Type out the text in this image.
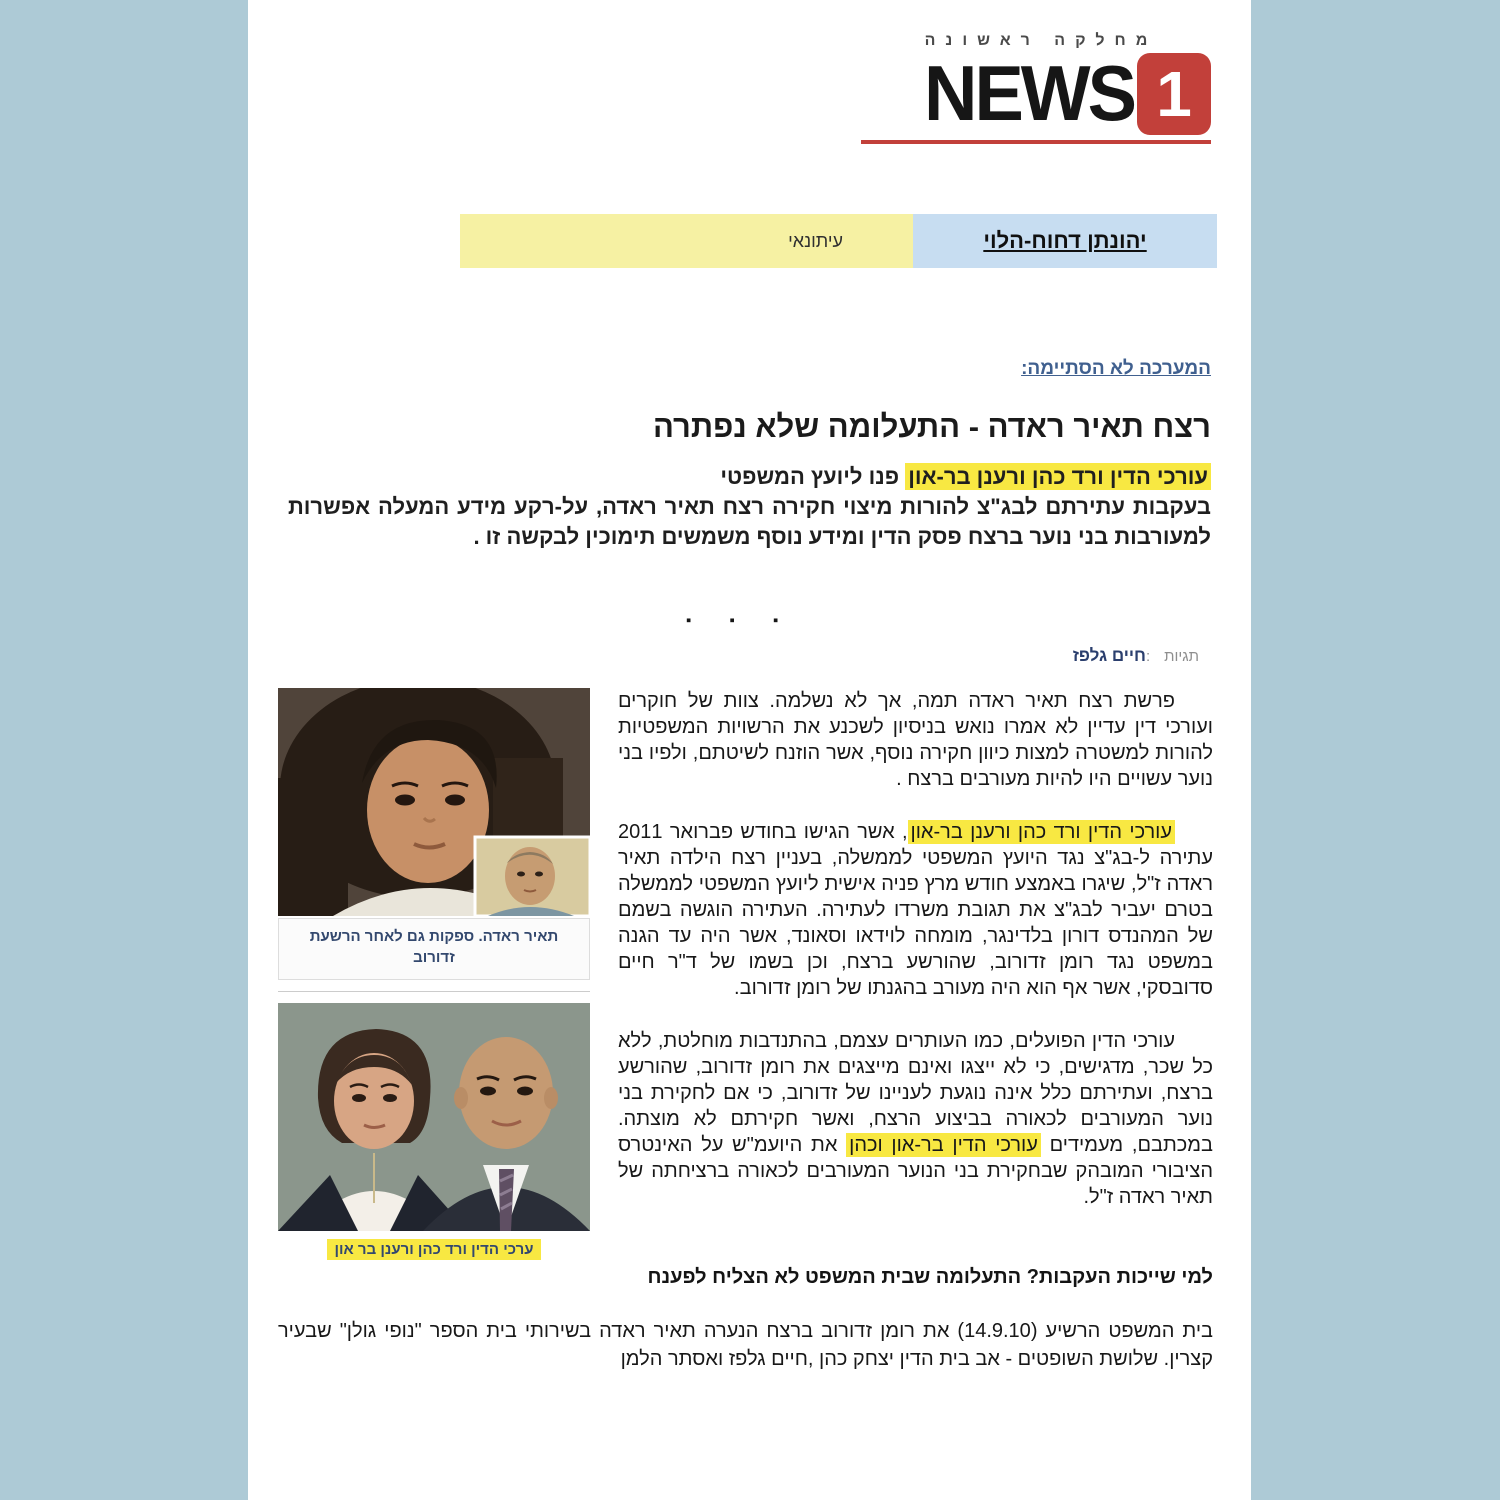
מחלקה ראשונה
NEWS 1
יהונתן דחוח-הלוי
עיתונאי
המערכה לא הסתיימה:
רצח תאיר ראדה - התעלומה שלא נפתרה

עורכי הדין ורד כהן ורענן בר-און פנו ליועץ המשפטי
בעקבות עתירתם לבג"צ להורות מיצוי חקירה רצח תאיר ראדה, על-רקע מידע המעלה אפשרות למעורבות בני נוער ברצח פסק הדין ומידע נוסף משמשים תימוכין לבקשה זו .

▪ ▪ ▪
תגיות:חיים גלפז
תאיר ראדה. ספקות גם לאחר הרשעת זדורוב
ערכי הדין ורד כהן ורענן בר און

פרשת רצח תאיר ראדה תמה, אך לא נשלמה. צוות של חוקרים ועורכי דין עדיין לא אמרו נואש בניסיון לשכנע את הרשויות המשפטיות להורות למשטרה למצות כיוון חקירה נוסף, אשר הוזנח לשיטתם, ולפיו בני נוער עשויים היו להיות מעורבים ברצח .

עורכי הדין ורד כהן ורענן בר-און, אשר הגישו בחודש פברואר 2011 עתירה ל-בג"צ נגד היועץ המשפטי לממשלה, בעניין רצח הילדה תאיר ראדה ז"ל, שיגרו באמצע חודש מרץ פניה אישית ליועץ המשפטי לממשלה בטרם יעביר לבג"צ את תגובת משרדו לעתירה. העתירה הוגשה בשמם של המהנדס דורון בלדינגר, מומחה לוידאו וסאונד, אשר היה עד הגנה במשפט נגד רומן זדורוב, שהורשע ברצח, וכן בשמו של ד"ר חיים סדובסקי, אשר אף הוא היה מעורב בהגנתו של רומן זדורוב.

עורכי הדין הפועלים, כמו העותרים עצמם, בהתנדבות מוחלטת, ללא כל שכר, מדגישים, כי לא ייצגו ואינם מייצגים את רומן זדורוב, שהורשע ברצח, ועתירתם כלל אינה נוגעת לעניינו של זדורוב, כי אם לחקירת בני נוער המעורבים לכאורה בביצוע הרצח, ואשר חקירתם לא מוצתה. במכתבם, מעמידים עורכי הדין בר-און וכהן את היועמ"ש על האינטרס הציבורי המובהק שבחקירת בני הנוער המעורבים לכאורה ברציחתה של תאיר ראדה ז"ל.

למי שייכות העקבות? התעלומה שבית המשפט לא הצליח לפענח

בית המשפט הרשיע (14.9.10) את רומן זדורוב ברצח הנערה תאיר ראדה בשירותי בית הספר "נופי גולן" שבעיר קצרין. שלושת השופטים - אב בית הדין יצחק כהן ,חיים גלפז ואסתר הלמן
